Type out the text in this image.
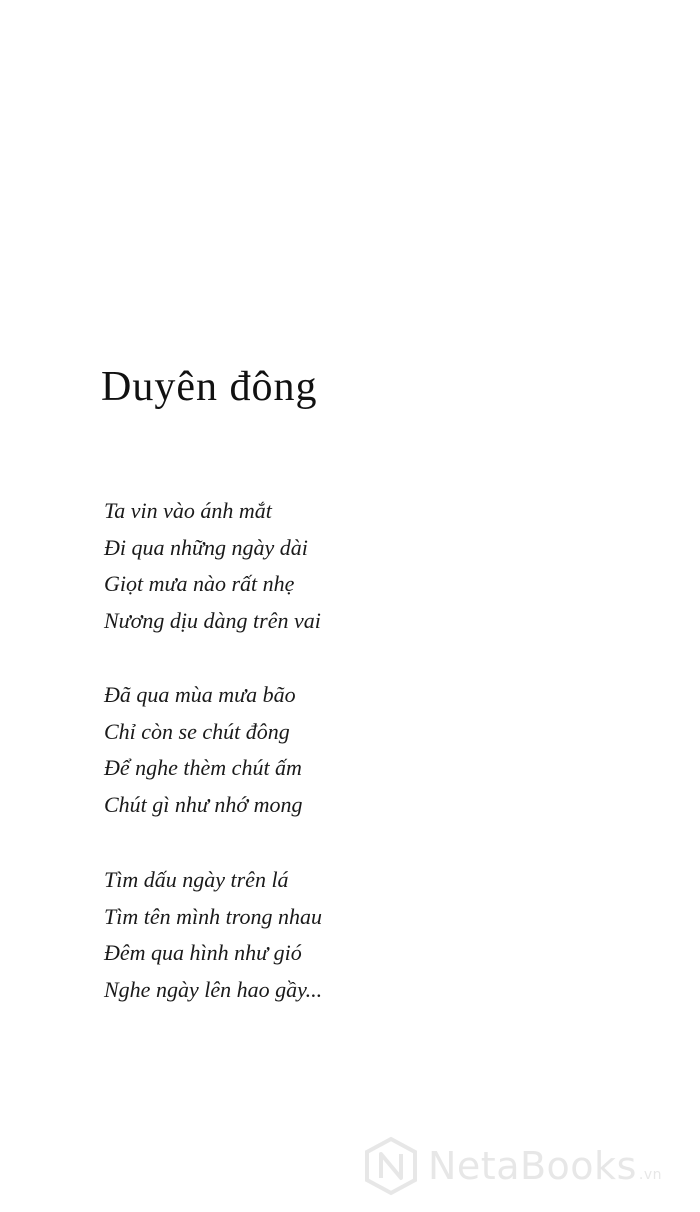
Duyên đông
Ta vin vào ánh mắt
Đi qua những ngày dài
Giọt mưa nào rất nhẹ
Nương dịu dàng trên vai
Đã qua mùa mưa bão
Chỉ còn se chút đông
Để nghe thèm chút ấm
Chút gì như nhớ mong
Tìm dấu ngày trên lá
Tìm tên mình trong nhau
Đêm qua hình như gió
Nghe ngày lên hao gầy...
NetaBooks .vn
